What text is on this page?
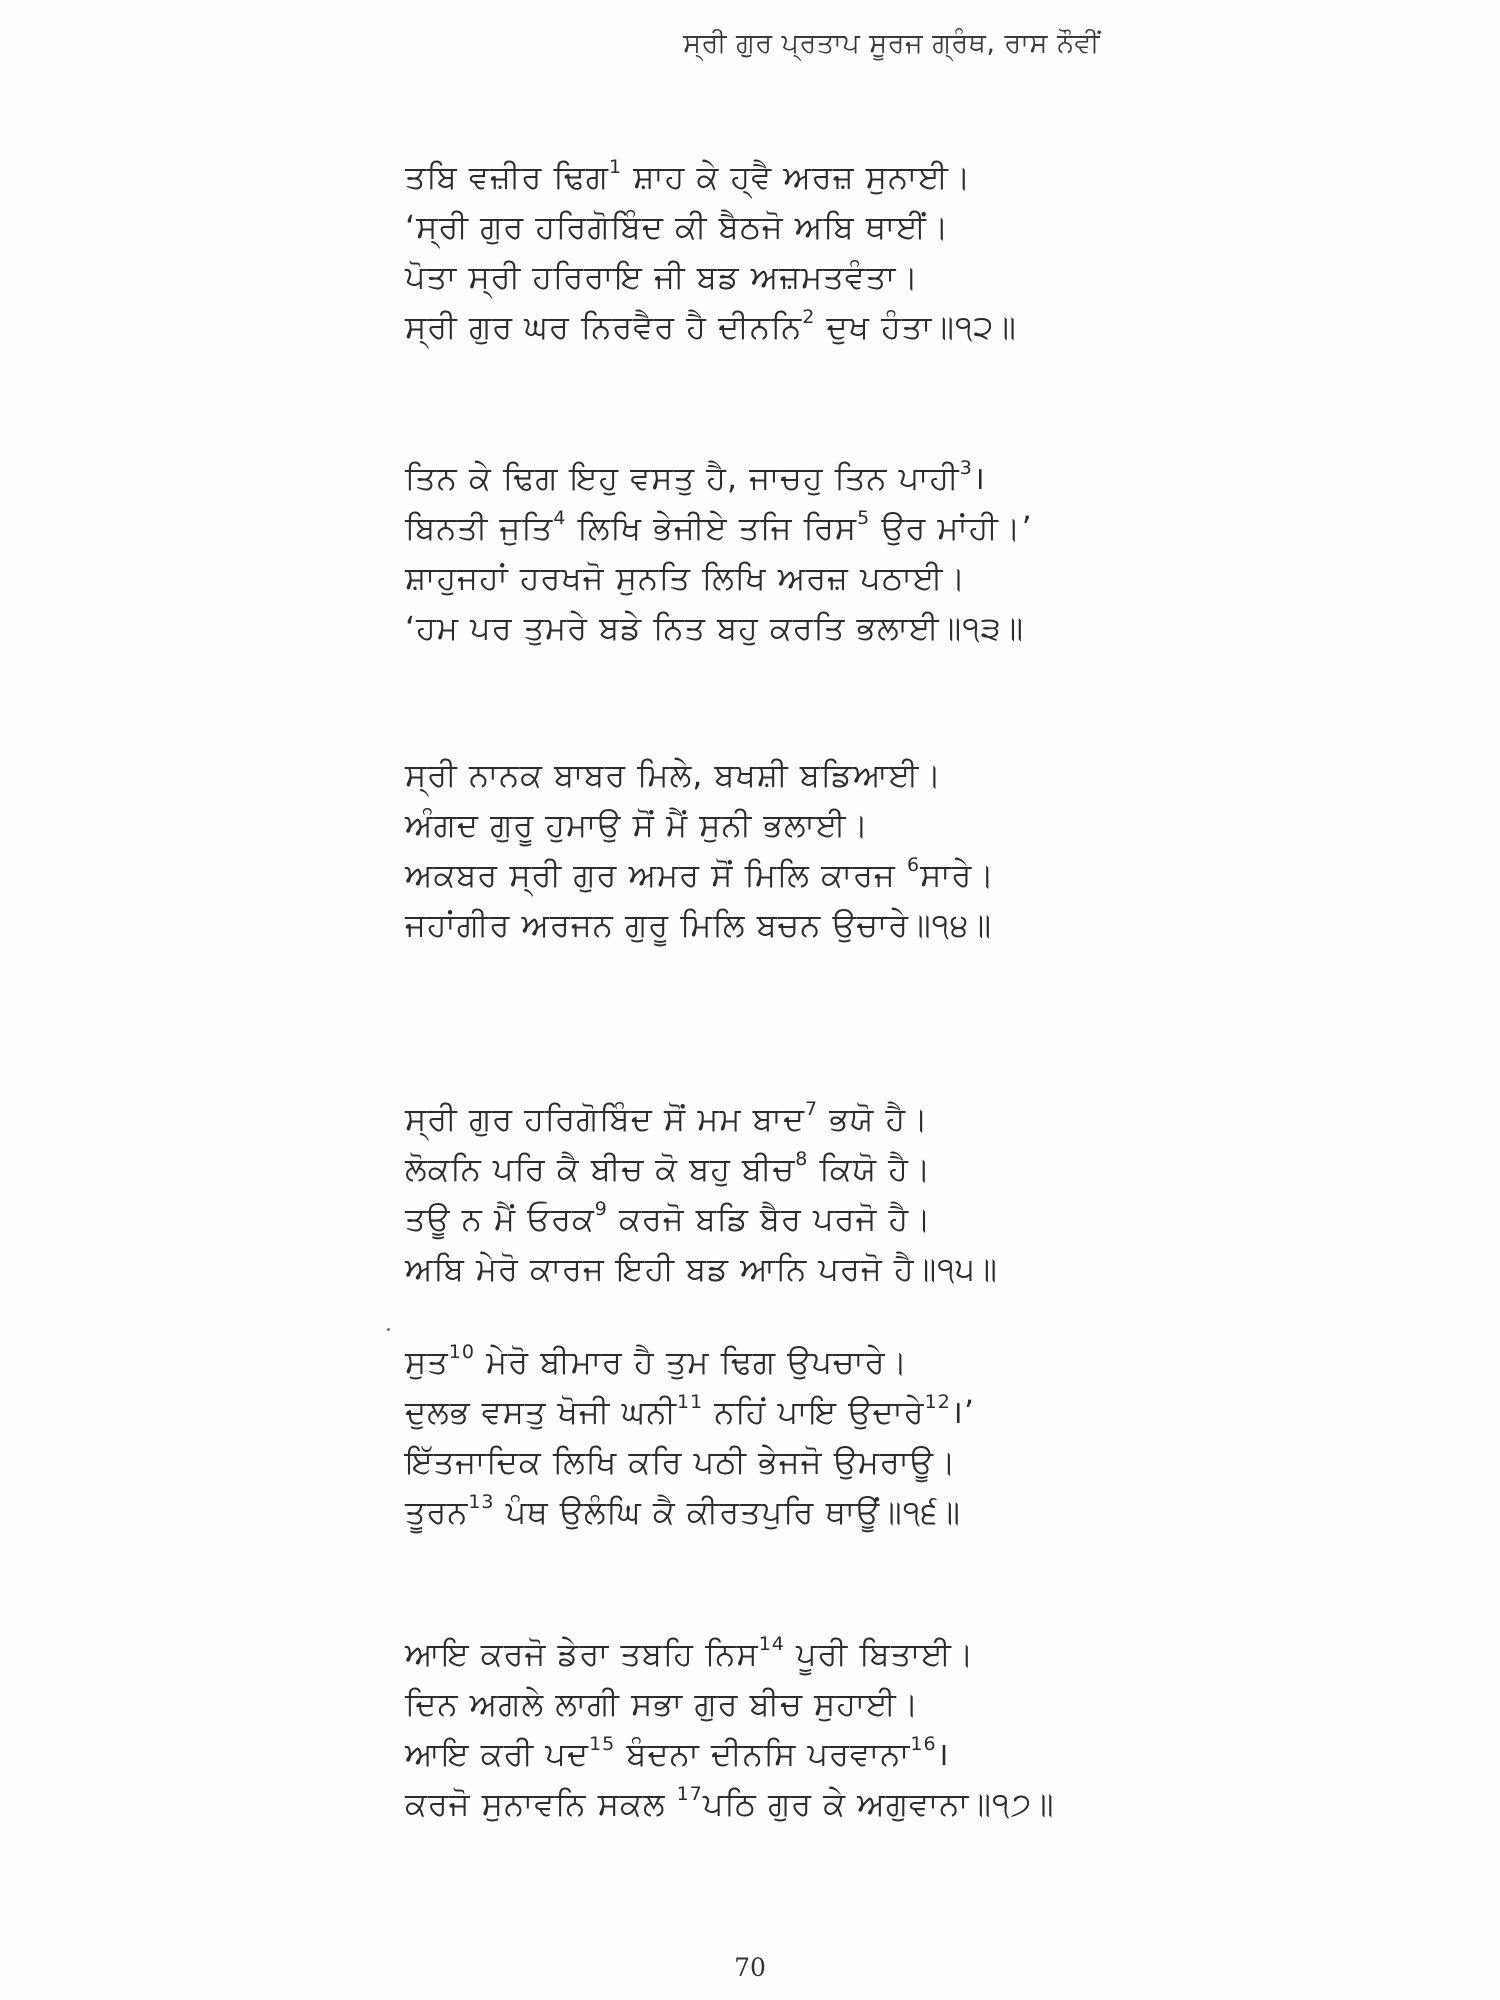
ਸ੍ਰੀ ਗੁਰ ਪ੍ਰਤਾਪ ਸੂਰਜ ਗ੍ਰੰਥ, ਰਾਸ ਨੌਵੀਂ
ਤਬਿ ਵਜ਼ੀਰ ਢਿਗ$^1$ ਸ਼ਾਹ ਕੇ ਹ੍ਵੈ ਅਰਜ਼ ਸੁਨਾਈ।
‘ਸ੍ਰੀ ਗੁਰ ਹਰਿਗੋਬਿੰਦ ਕੀ ਬੈਠਜੋ ਅਬਿ ਥਾਈਂ।
ਪੋਤਾ ਸ੍ਰੀ ਹਰਿਰਾਇ ਜੀ ਬਡ ਅਜ਼ਮਤਵੰਤਾ।
ਸ੍ਰੀ ਗੁਰ ਘਰ ਨਿਰਵੈਰ ਹੈ ਦੀਨਨਿ$^2$ ਦੁਖ ਹੰਤਾ॥੧੨॥
ਤਿਨ ਕੇ ਢਿਗ ਇਹੁ ਵਸਤੁ ਹੈ, ਜਾਚਹੁ ਤਿਨ ਪਾਹੀ$^3$।
ਬਿਨਤੀ ਜੁਤਿ$^4$ ਲਿਖਿ ਭੇਜੀਏ ਤਜਿ ਰਿਸ$^5$ ਉਰ ਮਾਂਹੀ।’
ਸ਼ਾਹੁਜਹਾਂ ਹਰਖਜੋ ਸੁਨਤਿ ਲਿਖਿ ਅਰਜ਼ ਪਠਾਈ।
‘ਹਮ ਪਰ ਤੁਮਰੇ ਬਡੇ ਨਿਤ ਬਹੁ ਕਰਤਿ ਭਲਾਈ॥੧੩॥
ਸ੍ਰੀ ਨਾਨਕ ਬਾਬਰ ਮਿਲੇ, ਬਖਸ਼ੀ ਬਡਿਆਈ।
ਅੰਗਦ ਗੁਰੂ ਹੁਮਾਉ ਸੋਂ ਮੈਂ ਸੁਨੀ ਭਲਾਈ।
ਅਕਬਰ ਸ੍ਰੀ ਗੁਰ ਅਮਰ ਸੋਂ ਮਿਲਿ ਕਾਰਜ $^6$ਸਾਰੇ।
ਜਹਾਂਗੀਰ ਅਰਜਨ ਗੁਰੂ ਮਿਲਿ ਬਚਨ ਉਚਾਰੇ॥੧੪॥
ਸ੍ਰੀ ਗੁਰ ਹਰਿਗੋਬਿੰਦ ਸੋਂ ਮਮ ਬਾਦ$^7$ ਭਯੋ ਹੈ।
ਲੋਕਨਿ ਪਰਿ ਕੈ ਬੀਚ ਕੋ ਬਹੁ ਬੀਚ$^8$ ਕਿਯੋ ਹੈ।
ਤਊ ਨ ਮੈਂ ਓਰਕ$^9$ ਕਰਜੋ ਬਡਿ ਬੈਰ ਪਰਜੋ ਹੈ।
ਅਬਿ ਮੇਰੋ ਕਾਰਜ ਇਹੀ ਬਡ ਆਨਿ ਪਰਜੋ ਹੈ॥੧੫॥
ਸੁਤ$^{10}$ ਮੇਰੋ ਬੀਮਾਰ ਹੈ ਤੁਮ ਢਿਗ ਉਪਚਾਰੇ।
ਦੁਲਭ ਵਸਤੁ ਖੋਜੀ ਘਨੀ$^{11}$ ਨਹਿਂ ਪਾਇ ਉਦਾਰੇ$^{12}$।’
ਇੱਤਜਾਦਿਕ ਲਿਖਿ ਕਰਿ ਪਠੀ ਭੇਜਜੋ ਉਮਰਾਊ।
ਤੂਰਨ$^{13}$ ਪੰਥ ਉਲੰਘਿ ਕੈ ਕੀਰਤਪੁਰਿ ਥਾਊਂ॥੧੬॥
ਆਇ ਕਰਜੋ ਡੇਰਾ ਤਬਹਿ ਨਿਸ$^{14}$ ਪੂਰੀ ਬਿਤਾਈ।
ਦਿਨ ਅਗਲੇ ਲਾਗੀ ਸਭਾ ਗੁਰ ਬੀਚ ਸੁਹਾਈ।
ਆਇ ਕਰੀ ਪਦ$^{15}$ ਬੰਦਨਾ ਦੀਨਸਿ ਪਰਵਾਨਾ$^{16}$।
ਕਰਜੋ ਸੁਨਾਵਨਿ ਸਕਲ $^{17}$ਪਠਿ ਗੁਰ ਕੇ ਅਗੁਵਾਨਾ॥੧੭॥
70
